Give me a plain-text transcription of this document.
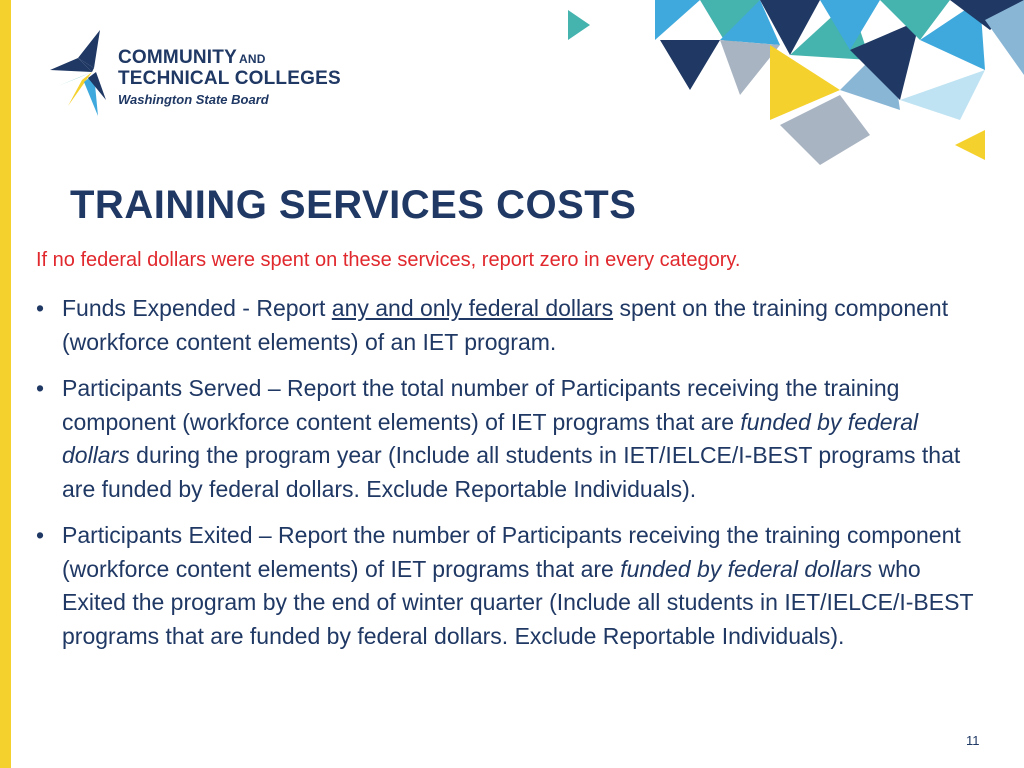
COMMUNITY AND
TECHNICAL COLLEGES
Washington State Board
TRAINING SERVICES COSTS
If no federal dollars were spent on these services, report zero in every category.
• Funds Expended - Report any and only federal dollars spent on the training component (workforce content elements) of an IET program.
• Participants Served – Report the total number of Participants receiving the training component (workforce content elements) of IET programs that are funded by federal dollars during the program year (Include all students in IET/IELCE/I-BEST programs that are funded by federal dollars. Exclude Reportable Individuals).
• Participants Exited – Report the number of Participants receiving the training component (workforce content elements) of IET programs that are funded by federal dollars who Exited the program by the end of winter quarter (Include all students in IET/IELCE/I-BEST programs that are funded by federal dollars. Exclude Reportable Individuals).
11
